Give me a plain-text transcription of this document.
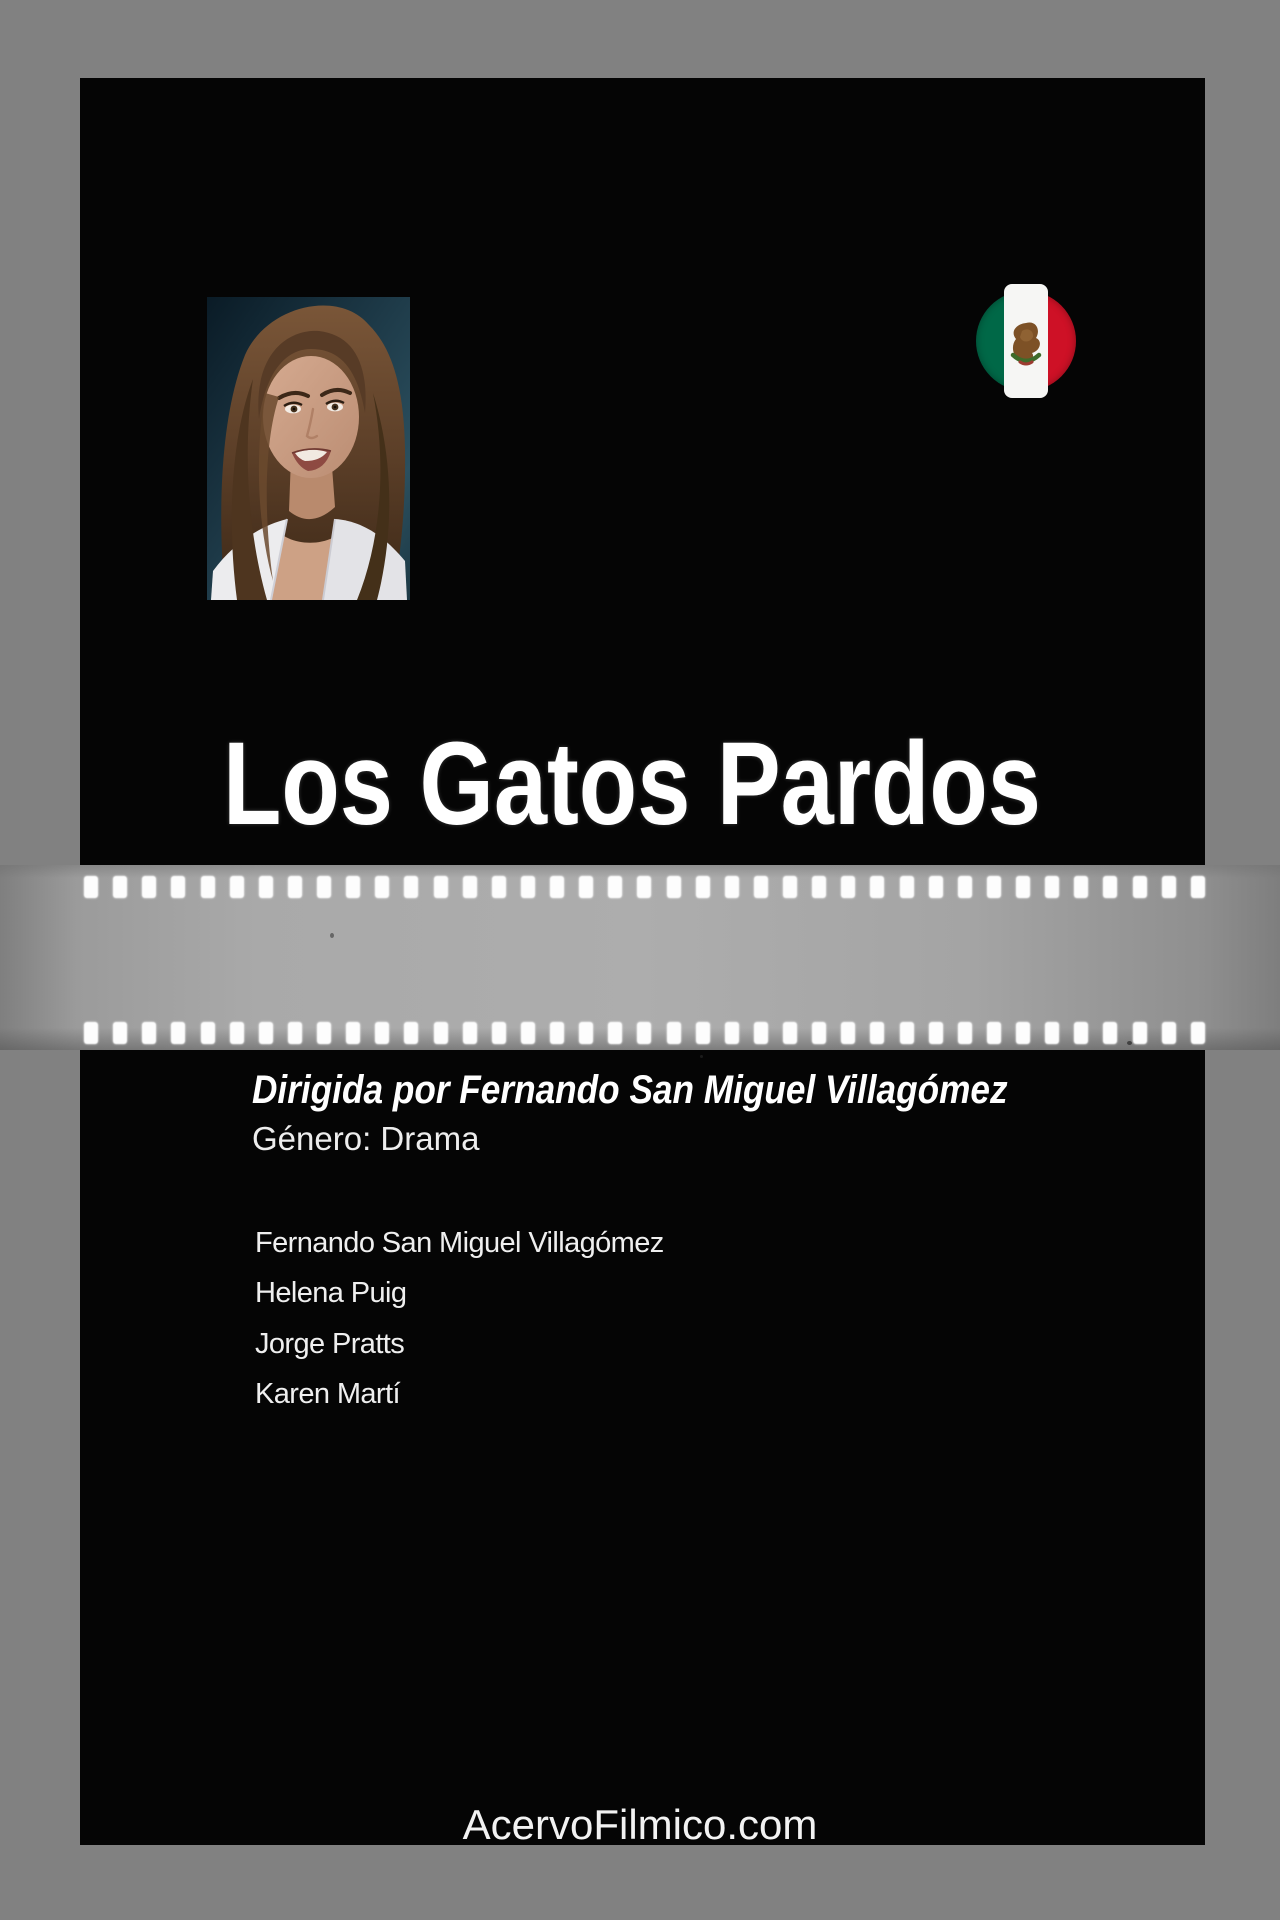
Los Gatos Pardos
Dirigida por Fernando San Miguel Villagómez
Género: Drama
Fernando San Miguel Villagómez
Helena Puig
Jorge Pratts
Karen Martí
AcervoFilmico.com
